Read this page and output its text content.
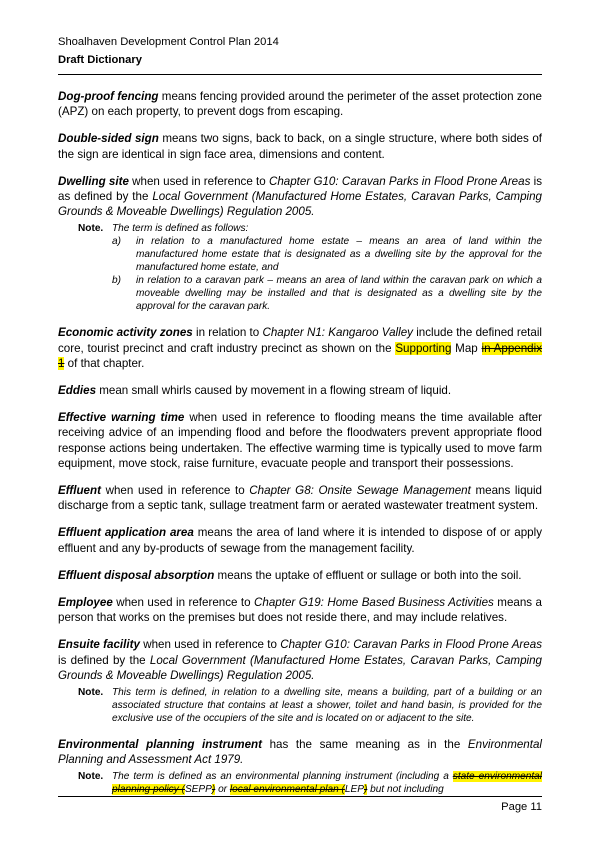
Shoalhaven Development Control Plan 2014
Draft Dictionary

Dog-proof fencing means fencing provided around the perimeter of the asset protection zone (APZ) on each property, to prevent dogs from escaping.

Double-sided sign means two signs, back to back, on a single structure, where both sides of the sign are identical in sign face area, dimensions and content.

Dwelling site when used in reference to Chapter G10: Caravan Parks in Flood Prone Areas is as defined by the Local Government (Manufactured Home Estates, Caravan Parks, Camping Grounds & Moveable Dwellings) Regulation 2005.

Note. The term is defined as follows:
a)	in relation to a manufactured home estate – means an area of land within the manufactured home estate that is designated as a dwelling site by the approval for the manufactured home estate, and
b)	in relation to a caravan park – means an area of land within the caravan park on which a moveable dwelling may be installed and that is designated as a dwelling site by the approval for the caravan park.

Economic activity zones in relation to Chapter N1: Kangaroo Valley include the defined retail core, tourist precinct and craft industry precinct as shown on the Supporting Map in Appendix 1 of that chapter.

Eddies mean small whirls caused by movement in a flowing stream of liquid.

Effective warning time when used in reference to flooding means the time available after receiving advice of an impending flood and before the floodwaters prevent appropriate flood response actions being undertaken. The effective warming time is typically used to move farm equipment, move stock, raise furniture, evacuate people and transport their possessions.

Effluent when used in reference to Chapter G8: Onsite Sewage Management means liquid discharge from a septic tank, sullage treatment farm or aerated wastewater treatment system.

Effluent application area means the area of land where it is intended to dispose of or apply effluent and any by-products of sewage from the management facility.

Effluent disposal absorption means the uptake of effluent or sullage or both into the soil.

Employee when used in reference to Chapter G19: Home Based Business Activities means a person that works on the premises but does not reside there, and may include relatives.

Ensuite facility when used in reference to Chapter G10: Caravan Parks in Flood Prone Areas is defined by the Local Government (Manufactured Home Estates, Caravan Parks, Camping Grounds & Moveable Dwellings) Regulation 2005.

Note. This term is defined, in relation to a dwelling site, means a building, part of a building or an associated structure that contains at least a shower, toilet and hand basin, is provided for the exclusive use of the occupiers of the site and is located on or adjacent to the site.

Environmental planning instrument has the same meaning as in the Environmental Planning and Assessment Act 1979.

Note. The term is defined as an environmental planning instrument (including a state environmental planning policy (SEPP) or local environmental plan (LEP) but not including
Page 11
